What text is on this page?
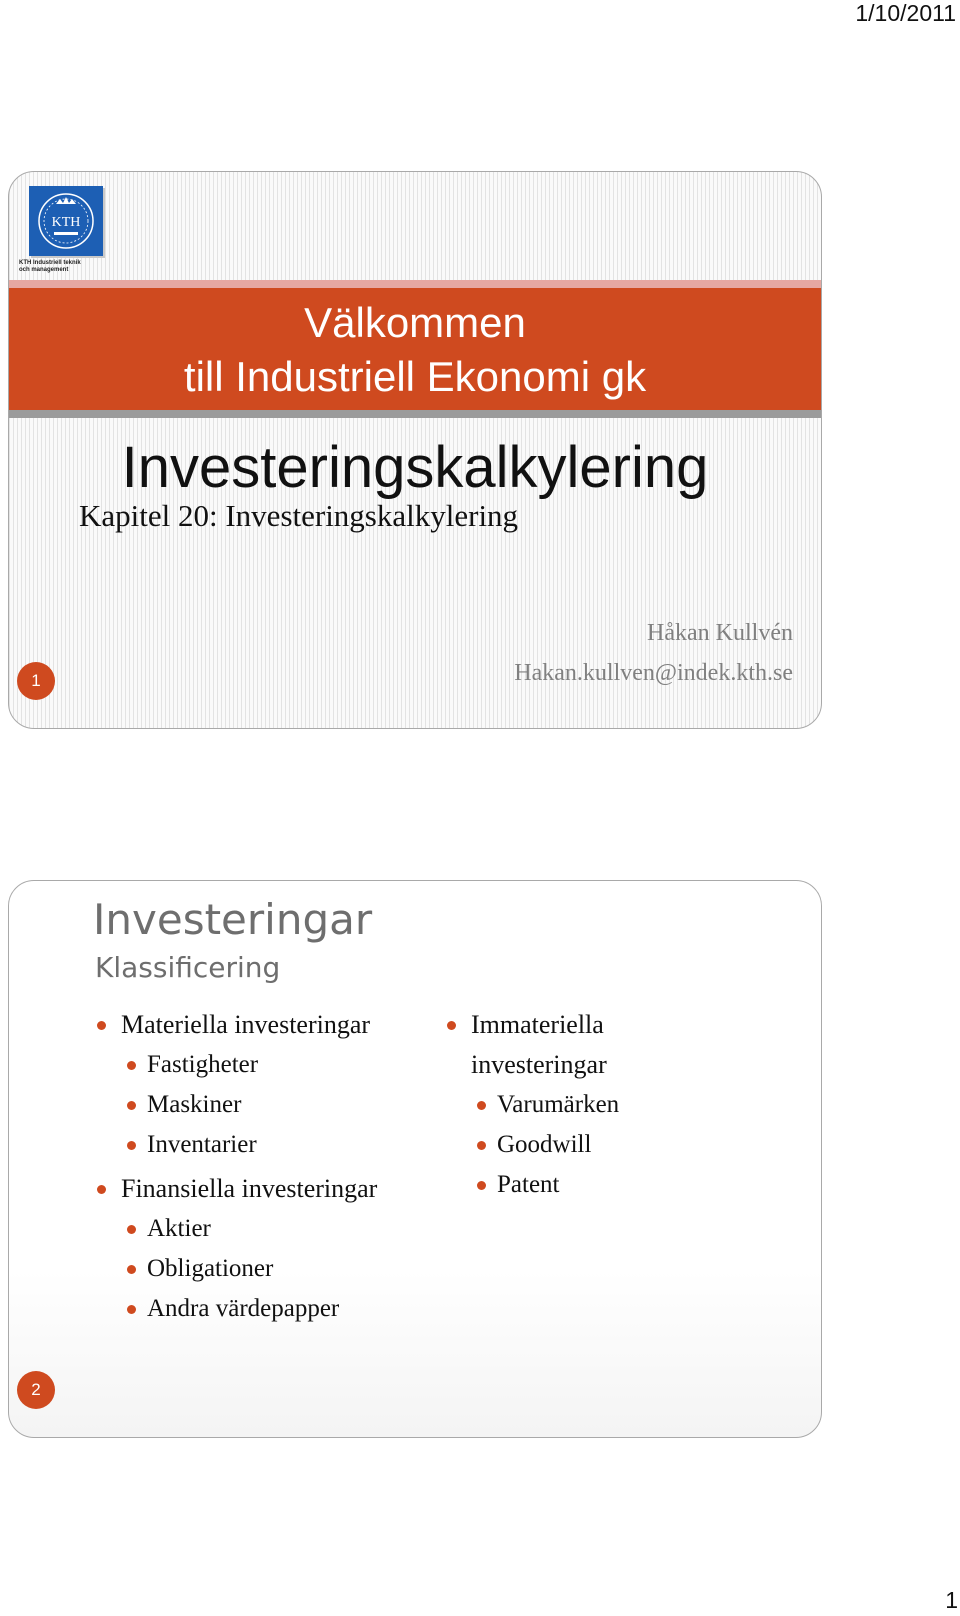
1/10/2011
KTH
KTH Industriell teknik
och management
Välkommen
till Industriell Ekonomi gk
Investeringskalkylering
Kapitel 20: Investeringskalkylering
Håkan Kullvén
Hakan.kullven@indek.kth.se
1
Investeringar
Klassificering
Materiella investeringar
Fastigheter
Maskiner
Inventarier
Finansiella investeringar
Aktier
Obligationer
Andra värdepapper
Immateriella
investeringar
Varumärken
Goodwill
Patent
2
1
